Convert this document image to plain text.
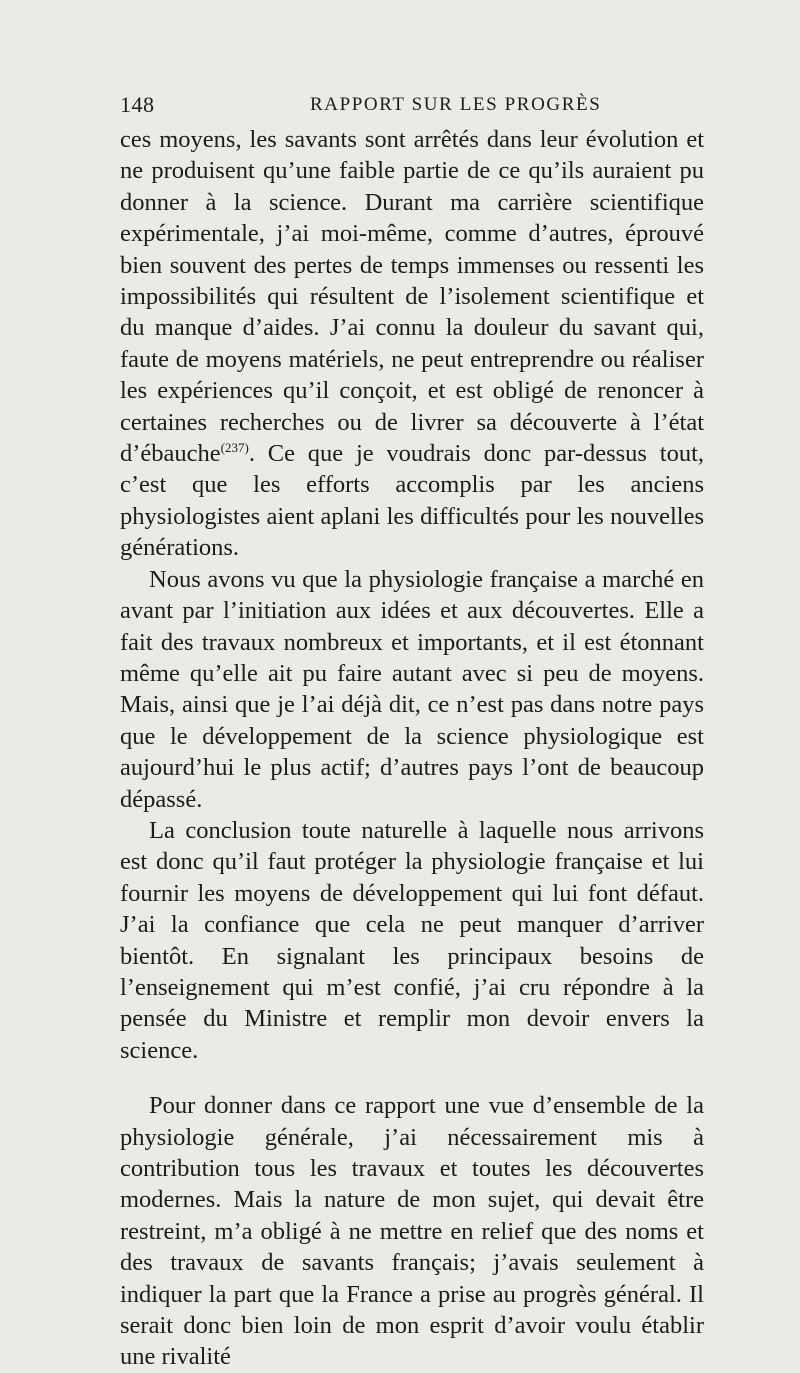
148	RAPPORT SUR LES PROGRÈS

ces moyens, les savants sont arrêtés dans leur évolution et ne produisent qu’une faible partie de ce qu’ils auraient pu donner à la science. Durant ma carrière scientifique expérimentale, j’ai moi-même, comme d’autres, éprouvé bien souvent des pertes de temps immenses ou ressenti les impossibilités qui résultent de l’isolement scientifique et du manque d’aides. J’ai connu la douleur du savant qui, faute de moyens matériels, ne peut entreprendre ou réaliser les expériences qu’il conçoit, et est obligé de renoncer à certaines recherches ou de livrer sa découverte à l’état d’ébauche$^{(237)}$. Ce que je voudrais donc par-dessus tout, c’est que les efforts accomplis par les anciens physiologistes aient aplani les difficultés pour les nouvelles générations.

Nous avons vu que la physiologie française a marché en avant par l’initiation aux idées et aux découvertes. Elle a fait des travaux nombreux et importants, et il est étonnant même qu’elle ait pu faire autant avec si peu de moyens. Mais, ainsi que je l’ai déjà dit, ce n’est pas dans notre pays que le développement de la science physiologique est aujourd’hui le plus actif; d’autres pays l’ont de beaucoup dépassé.

La conclusion toute naturelle à laquelle nous arrivons est donc qu’il faut protéger la physiologie française et lui fournir les moyens de développement qui lui font défaut. J’ai la confiance que cela ne peut manquer d’arriver bientôt. En signalant les principaux besoins de l’enseignement qui m’est confié, j’ai cru répondre à la pensée du Ministre et remplir mon devoir envers la science.

Pour donner dans ce rapport une vue d’ensemble de la physiologie générale, j’ai nécessairement mis à contribution tous les travaux et toutes les découvertes modernes. Mais la nature de mon sujet, qui devait être restreint, m’a obligé à ne mettre en relief que des noms et des travaux de savants français; j’avais seulement à indiquer la part que la France a prise au progrès général. Il serait donc bien loin de mon esprit d’avoir voulu établir une rivalité
